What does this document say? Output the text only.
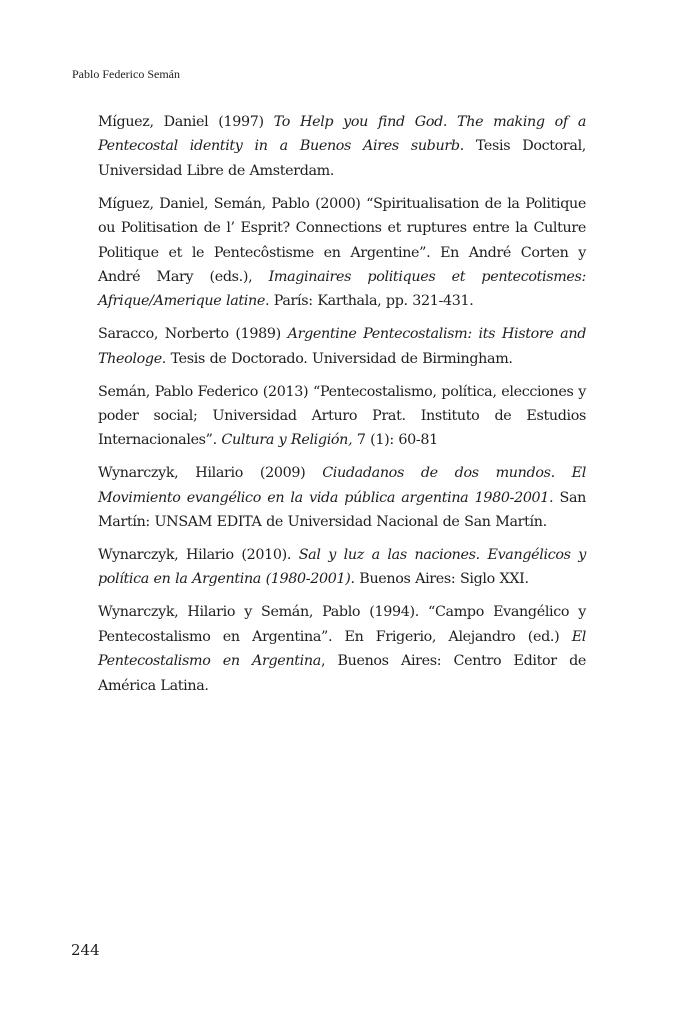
Pablo Federico Semán
Míguez, Daniel (1997) To Help you find God. The making of a Pentecostal identity in a Buenos Aires suburb. Tesis Doctoral, Universidad Libre de Amsterdam.
Míguez, Daniel, Semán, Pablo (2000) “Spiritualisation de la Politique ou Politisation de l’ Esprit? Connections et ruptures entre la Culture Politique et le Pentecôstisme en Argentine”. En André Corten y André Mary (eds.), Imaginaires politiques et pentecotismes: Afrique/Amerique latine. París: Karthala, pp. 321-431.
Saracco, Norberto (1989) Argentine Pentecostalism: its Histore and Theologe. Tesis de Doctorado. Universidad de Birmingham.
Semán, Pablo Federico (2013) “Pentecostalismo, política, elecciones y poder social; Universidad Arturo Prat. Instituto de Estudios Internacionales”. Cultura y Religión, 7 (1): 60-81
Wynarczyk, Hilario (2009) Ciudadanos de dos mundos. El Movimiento evangélico en la vida pública argentina 1980-2001. San Martín: UNSAM EDITA de Universidad Nacional de San Martín.
Wynarczyk, Hilario (2010). Sal y luz a las naciones. Evangélicos y política en la Argentina (1980-2001). Buenos Aires: Siglo XXI.
Wynarczyk, Hilario y Semán, Pablo (1994). “Campo Evangélico y Pentecostalismo en Argentina”. En Frigerio, Alejandro (ed.) El Pentecostalismo en Argentina, Buenos Aires: Centro Editor de América Latina.
244
